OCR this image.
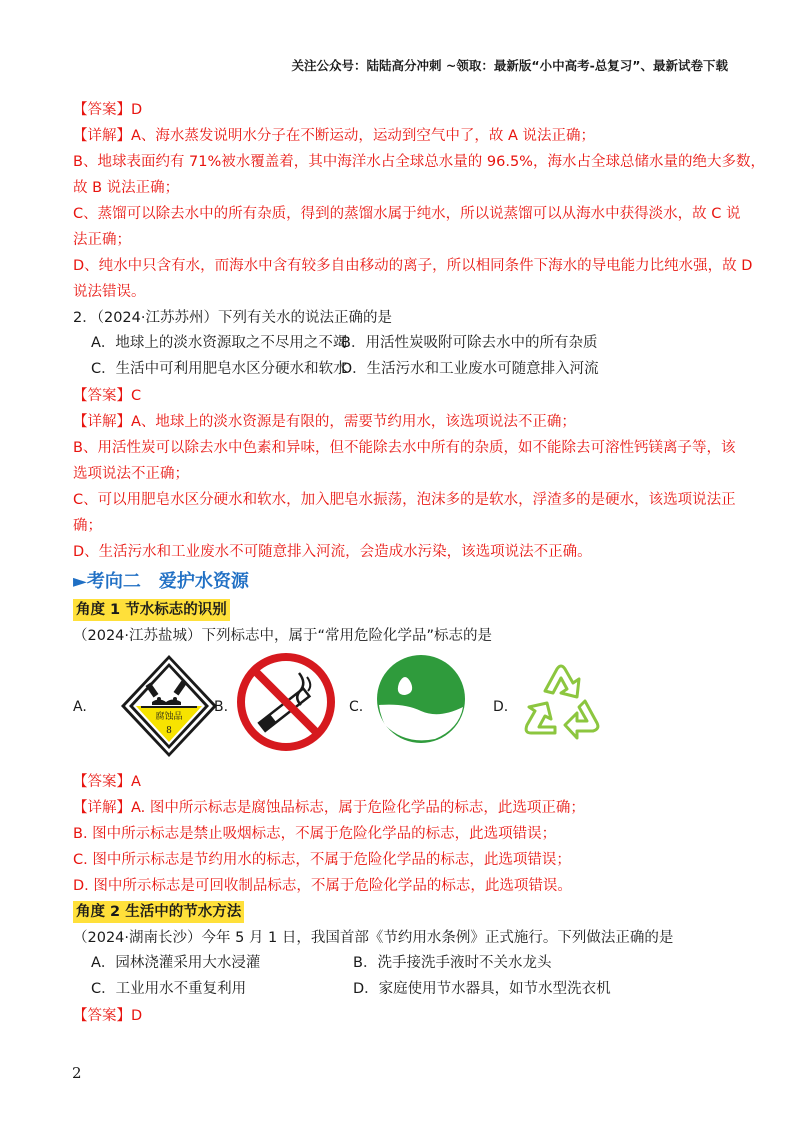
关注公众号：陆陆高分冲刺 ~领取：最新版“小中高考-总复习”、最新试卷下载

【答案】D

【详解】A、海水蒸发说明水分子在不断运动，运动到空气中了，故 A 说法正确；

B、地球表面约有 71%被水覆盖着，其中海洋水占全球总水量的 96.5%，海水占全球总储水量的绝大多数，

故 B 说法正确；

C、蒸馏可以除去水中的所有杂质，得到的蒸馏水属于纯水，所以说蒸馏可以从海水中获得淡水，故 C 说

法正确；

D、纯水中只含有水，而海水中含有较多自由移动的离子，所以相同条件下海水的导电能力比纯水强，故 D

说法错误。

2．（2024·江苏苏州）下列有关水的说法正确的是

A．地球上的淡水资源取之不尽用之不竭
B．用活性炭吸附可除去水中的所有杂质
C．生活中可利用肥皂水区分硬水和软水
D．生活污水和工业废水可随意排入河流

【答案】C

【详解】A、地球上的淡水资源是有限的，需要节约用水，该选项说法不正确；

B、用活性炭可以除去水中色素和异味，但不能除去水中所有的杂质，如不能除去可溶性钙镁离子等，该

选项说法不正确；

C、可以用肥皂水区分硬水和软水，加入肥皂水振荡，泡沫多的是软水，浮渣多的是硬水，该选项说法正

确；

D、生活污水和工业废水不可随意排入河流，会造成水污染，该选项说法不正确。

►考向二　爱护水资源
角度 1 节水标志的识别

（2024·江苏盐城）下列标志中，属于“常用危险化学品”标志的是

A.
腐蚀品
8
B.	C.	D.

【答案】A

【详解】A. 图中所示标志是腐蚀品标志，属于危险化学品的标志，此选项正确；

B. 图中所示标志是禁止吸烟标志，不属于危险化学品的标志，此选项错误；

C. 图中所示标志是节约用水的标志，不属于危险化学品的标志，此选项错误；

D. 图中所示标志是可回收制品标志，不属于危险化学品的标志，此选项错误。

角度 2 生活中的节水方法

（2024·湖南长沙）今年 5 月 1 日，我国首部《节约用水条例》正式施行。下列做法正确的是

A．园林浇灌采用大水浸灌	B．洗手接洗手液时不关水龙头
C．工业用水不重复利用	D．家庭使用节水器具，如节水型洗衣机

【答案】D

2
